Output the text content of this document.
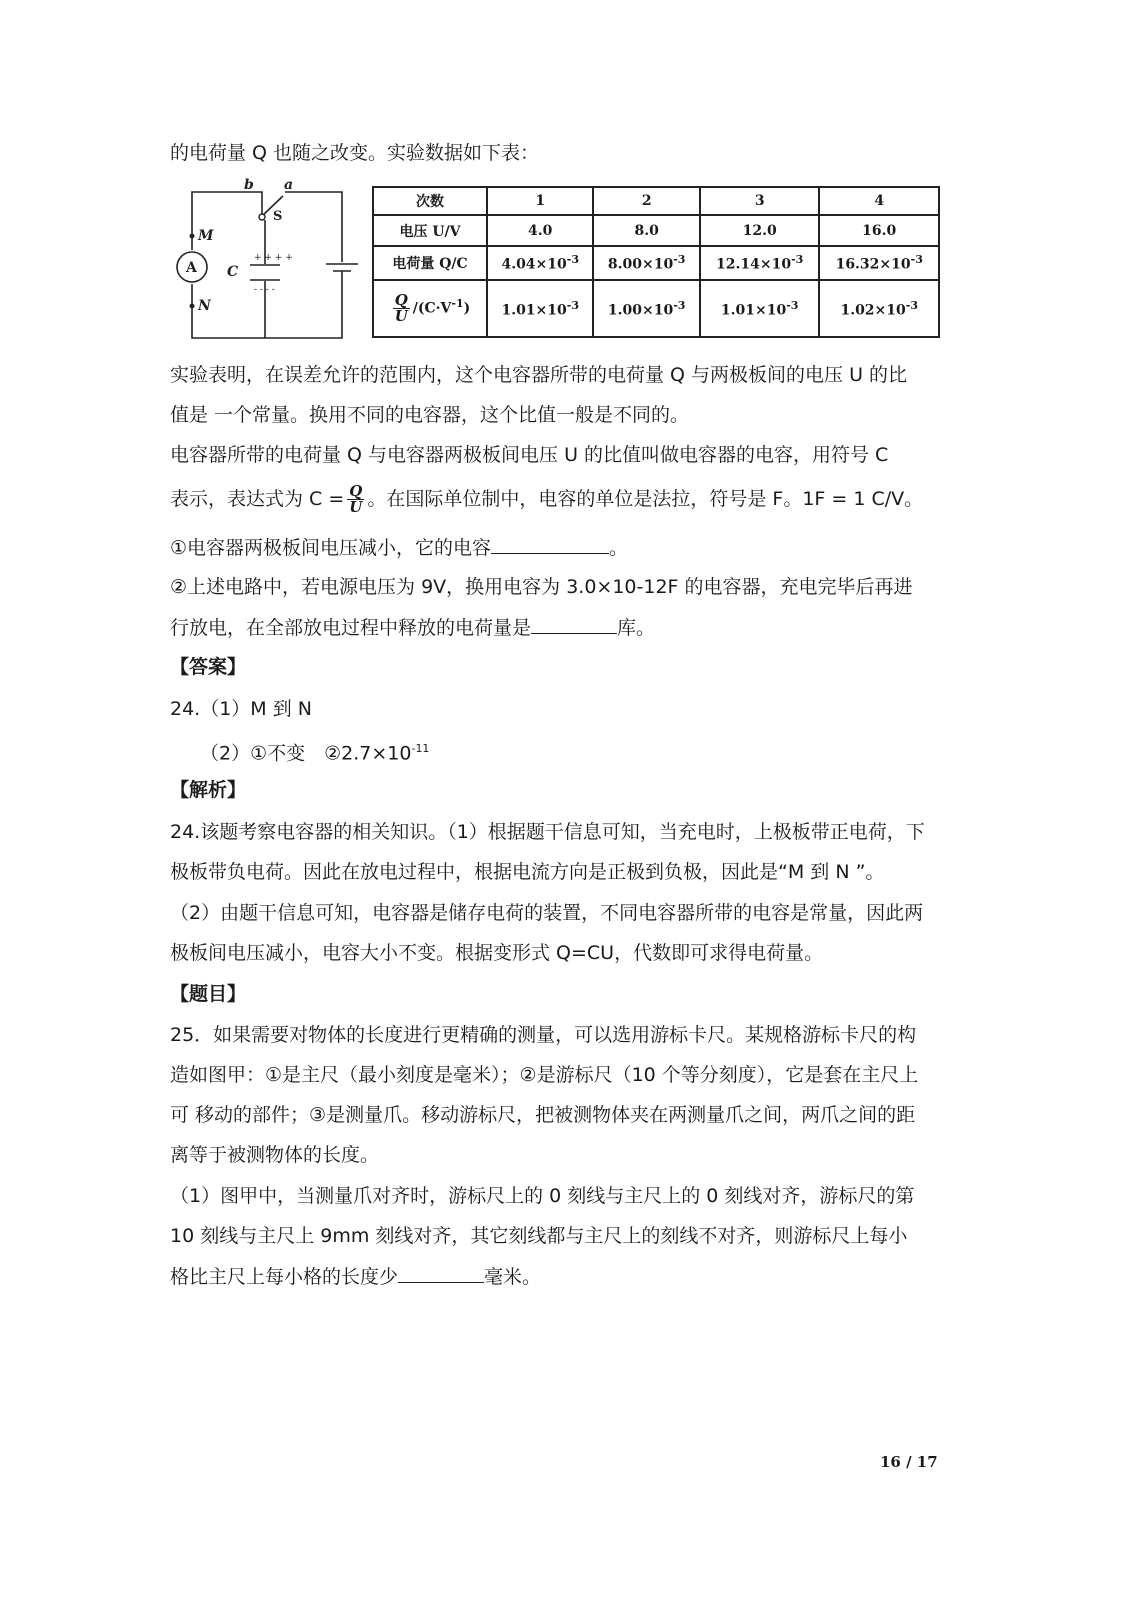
的电荷量 Q 也随之改变。实验数据如下表：
+ + + +
- - - -
b a
M
C
N
S
A
次数	1	2	3	4
电压 U/V	4.0	8.0	12.0	16.0
电荷量 Q/C	$4.04\times 10^{-3}$	$8.00\times 10^{-3}$	$12.14\times 10^{-3}$	$16.32\times 10^{-3}$

$\frac{Q}{U} /(C\cdot V^{-1})$	$1.01\times 10^{-3}$	$1.00\times 10^{-3}$	$1.01\times 10^{-3}$	$1.02\times 10^{-3}$
实验表明，在误差允许的范围内，这个电容器所带的电荷量 Q 与两极板间的电压 U 的比
值是 一个常量。换用不同的电容器，这个比值一般是不同的。
电容器所带的电荷量 Q 与电容器两极板间电压 U 的比值叫做电容器的电容，用符号 C
表示，表达式为 $C = \frac{Q}{U}$ 。在国际单位制中，电容的单位是法拉，符号是 F。1F = 1 C/V。
①电容器两极板间电压减小，它的电容	。
②上述电路中，若电源电压为 9V，换用电容为 3.0×10-12F 的电容器，充电完毕后再进
行放电，在全部放电过程中释放的电荷量是	库。
【答案】
24.（1）M 到 N
（2）①不变　$②2.7\times 10^{-11}$
【解析】
24.该题考察电容器的相关知识。（1）根据题干信息可知，当充电时，上极板带正电荷，下
极板带负电荷。因此在放电过程中，根据电流方向是正极到负极，因此是“M 到 N ”。
（2）由题干信息可知，电容器是储存电荷的装置，不同电容器所带的电容是常量，因此两
极板间电压减小，电容大小不变。根据变形式 Q=CU，代数即可求得电荷量。
【题目】
25．如果需要对物体的长度进行更精确的测量，可以选用游标卡尺。某规格游标卡尺的构
造如图甲：①是主尺（最小刻度是毫米）；②是游标尺（10 个等分刻度），它是套在主尺上
可 移动的部件；③是测量爪。移动游标尺，把被测物体夹在两测量爪之间，两爪之间的距
离等于被测物体的长度。
（1）图甲中，当测量爪对齐时，游标尺上的 0 刻线与主尺上的 0 刻线对齐，游标尺的第
10 刻线与主尺上 9mm 刻线对齐，其它刻线都与主尺上的刻线不对齐，则游标尺上每小
格比主尺上每小格的长度少	毫米。
16 / 17
